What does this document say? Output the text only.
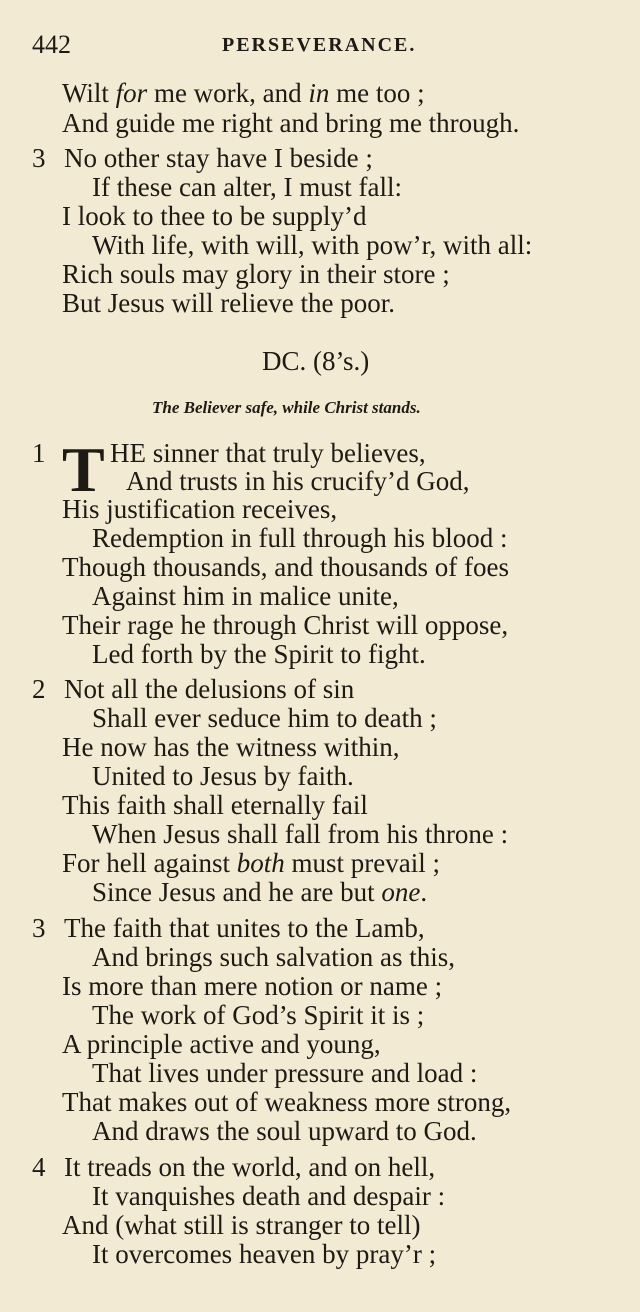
442	PERSEVERANCE.
Wilt for me work, and in me too ;
And guide me right and bring me through.
3 No other stay have I beside ;
If these can alter, I must fall:
I look to thee to be supply’d
With life, with will, with pow’r, with all:
Rich souls may glory in their store ;
But Jesus will relieve the poor.
DC. (8’s.)
The Believer safe, while Christ stands.
1 T HE sinner that truly believes,
And trusts in his crucify’d God,
His justification receives,
Redemption in full through his blood :
Though thousands, and thousands of foes
Against him in malice unite,
Their rage he through Christ will oppose,
Led forth by the Spirit to fight.
2 Not all the delusions of sin
Shall ever seduce him to death ;
He now has the witness within,
United to Jesus by faith.
This faith shall eternally fail
When Jesus shall fall from his throne :
For hell against both must prevail ;
Since Jesus and he are but one.
3 The faith that unites to the Lamb,
And brings such salvation as this,
Is more than mere notion or name ;
The work of God’s Spirit it is ;
A principle active and young,
That lives under pressure and load :
That makes out of weakness more strong,
And draws the soul upward to God.
4 It treads on the world, and on hell,
It vanquishes death and despair :
And (what still is stranger to tell)
It overcomes heaven by pray’r ;
